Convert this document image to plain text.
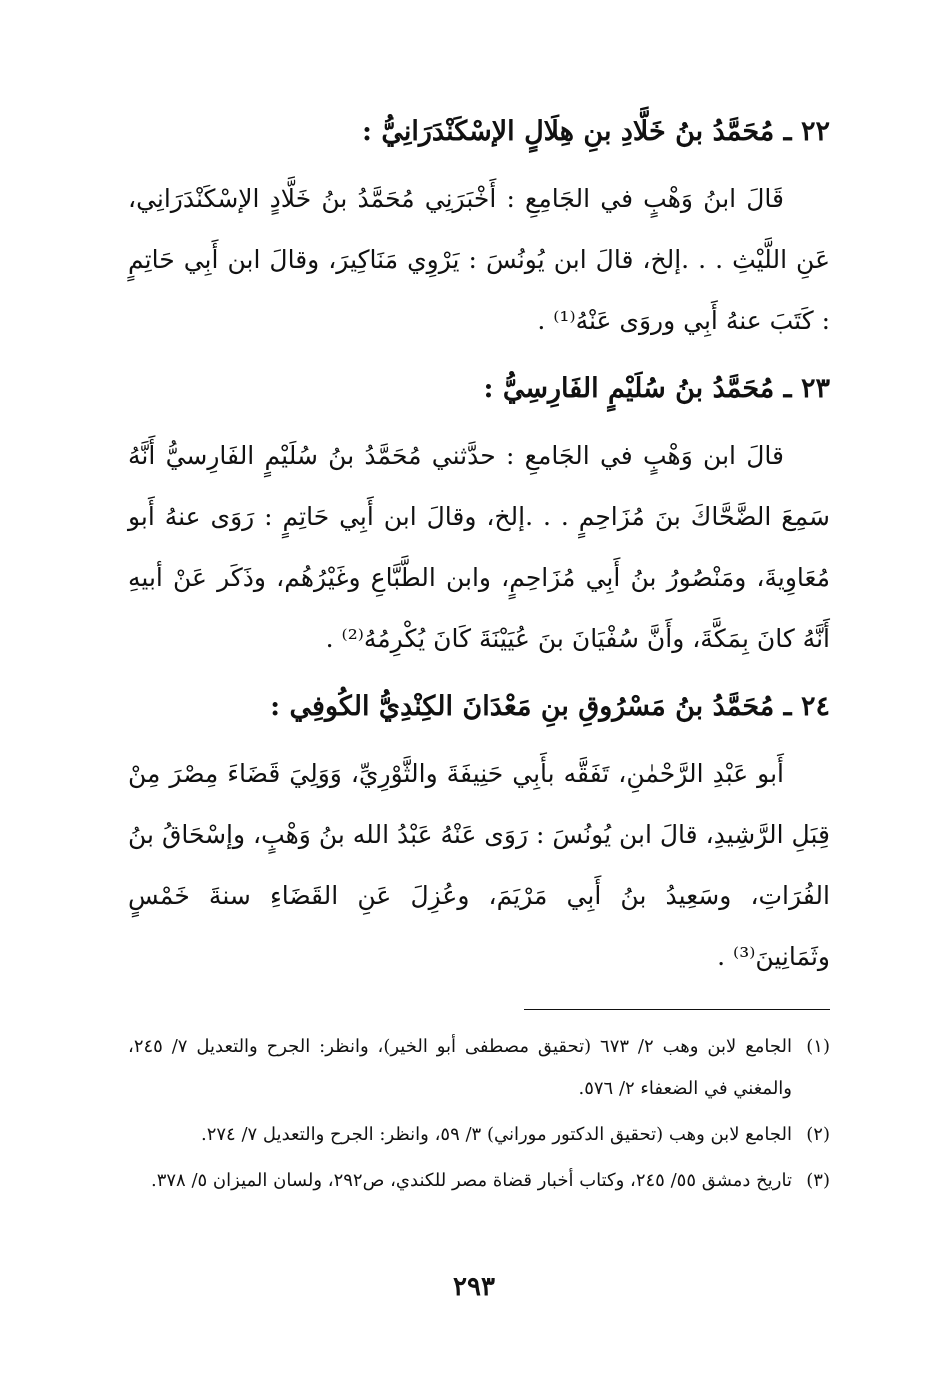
٢٢ ـ مُحَمَّدُ بنُ خَلَّادِ بنِ هِلَالٍ الإسْكَنْدَرَانِيُّ :

قَالَ ابنُ وَهْبٍ في الجَامِعِ : أَخْبَرَنِي مُحَمَّدُ بنُ خَلَّادٍ الإسْكَنْدَرَانِي، عَنِ اللَّيْثِ . . .إلخ، قالَ ابن يُونُسَ : يَرْوِي مَنَاكِيرَ، وقالَ ابن أَبِي حَاتِمٍ : كَتَبَ عنهُ أَبِي وروَى عَنْهُ⁽¹⁾ .

٢٣ ـ مُحَمَّدُ بنُ سُلَيْمٍ الفَارِسِيُّ :

قالَ ابن وَهْبٍ في الجَامعِ : حدَّثني مُحَمَّدُ بنُ سُلَيْمٍ الفَارِسيُّ أَنَّهُ سَمِعَ الضَّحَّاكَ بنَ مُزَاحِمٍ . . .إلخ، وقالَ ابن أَبِي حَاتِمٍ : رَوَى عنهُ أَبو مُعَاوِيةَ، ومَنْصُورُ بنُ أَبِي مُزَاحِمٍ، وابن الطَّبَّاعِ وغَيْرُهُم، وذَكَر عَنْ أبيهِ أَنَّهُ كانَ بِمَكَّةَ، وأَنَّ سُفْيَانَ بنَ عُيَيْنَةَ كَانَ يُكْرِمُهُ⁽²⁾ .

٢٤ ـ مُحَمَّدُ بنُ مَسْرُوقِ بنِ مَعْدَانَ الكِنْدِيُّ الكُوفِي :

أَبو عَبْدِ الرَّحْمٰنِ، تَفَقَّه بأَبِي حَنِيفَةَ والثَّوْرِيِّ، وَوَلِيَ قَضَاءَ مِصْرَ مِنْ قِبَلِ الرَّشِيدِ، قالَ ابن يُونُسَ : رَوَى عَنْهُ عَبْدُ الله بنُ وَهْبٍ، وإسْحَاقُ بنُ الفُرَاتِ، وسَعِيدُ بنُ أَبِي مَرْيَمَ، وعُزِلَ عَنِ القَضَاءِ سنةَ خَمْسٍ وثَمَانِينَ⁽³⁾ .

(١)
الجامع لابن وهب ٢/ ٦٧٣ (تحقيق مصطفى أبو الخير)، وانظر: الجرح والتعديل ٧/ ٢٤٥، والمغني في الضعفاء ٢/ ٥٧٦.
(٢)
الجامع لابن وهب (تحقيق الدكتور موراني) ٣/ ٥٩، وانظر: الجرح والتعديل ٧/ ٢٧٤.
(٣)
تاريخ دمشق ٥٥/ ٢٤٥، وكتاب أخبار قضاة مصر للكندي، ص٢٩٢، ولسان الميزان ٥/ ٣٧٨.
٢٩٣
